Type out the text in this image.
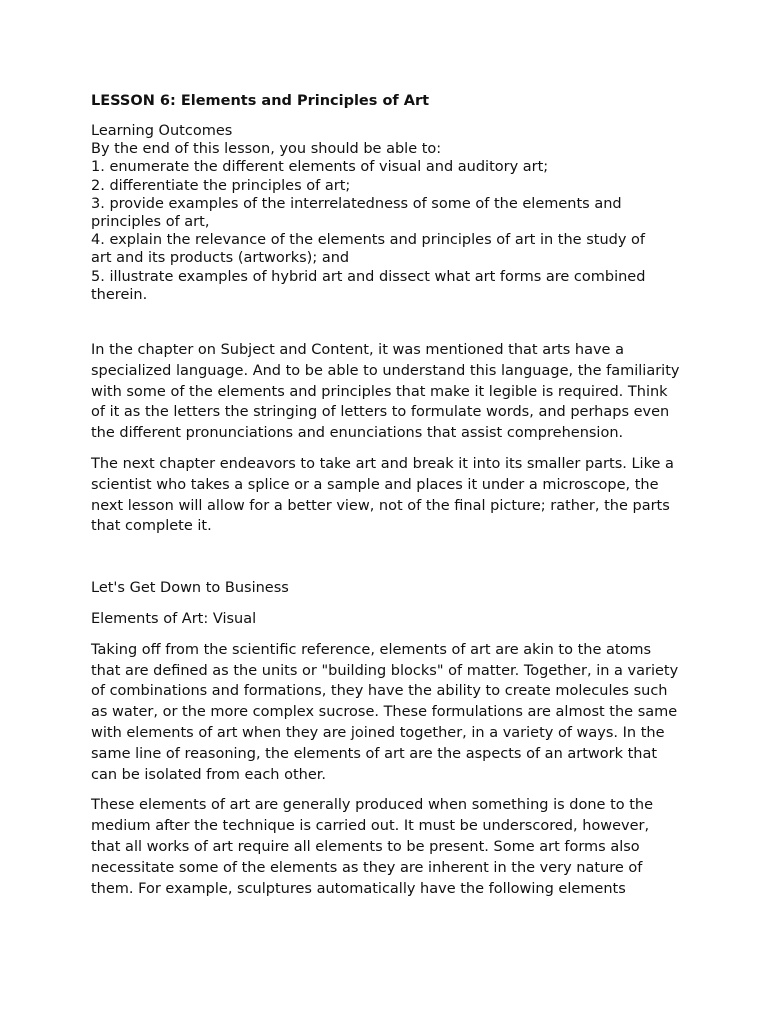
LESSON 6: Elements and Principles of Art
Learning Outcomes
By the end of this lesson, you should be able to:
1. enumerate the different elements of visual and auditory art;
2. differentiate the principles of art;
3. provide examples of the interrelatedness of some of the elements and
principles of art,
4. explain the relevance of the elements and principles of art in the study of
art and its products (artworks); and
5. illustrate examples of hybrid art and dissect what art forms are combined
therein.

In the chapter on Subject and Content, it was mentioned that arts have a specialized language. And to be able to understand this language, the familiarity with some of the elements and principles that make it legible is required. Think of it as the letters the stringing of letters to formulate words, and perhaps even the different pronunciations and enunciations that assist comprehension.

The next chapter endeavors to take art and break it into its smaller parts. Like a scientist who takes a splice or a sample and places it under a microscope, the next lesson will allow for a better view, not of the final picture; rather, the parts that complete it.

Let's Get Down to Business

Elements of Art: Visual

Taking off from the scientific reference, elements of art are akin to the atoms that are defined as the units or "building blocks" of matter. Together, in a variety of combinations and formations, they have the ability to create molecules such as water, or the more complex sucrose. These formulations are almost the same with elements of art when they are joined together, in a variety of ways. In the same line of reasoning, the elements of art are the aspects of an artwork that can be isolated from each other.

These elements of art are generally produced when something is done to the medium after the technique is carried out. It must be underscored, however, that all works of art require all elements to be present. Some art forms also necessitate some of the elements as they are inherent in the very nature of them. For example, sculptures automatically have the following elements
